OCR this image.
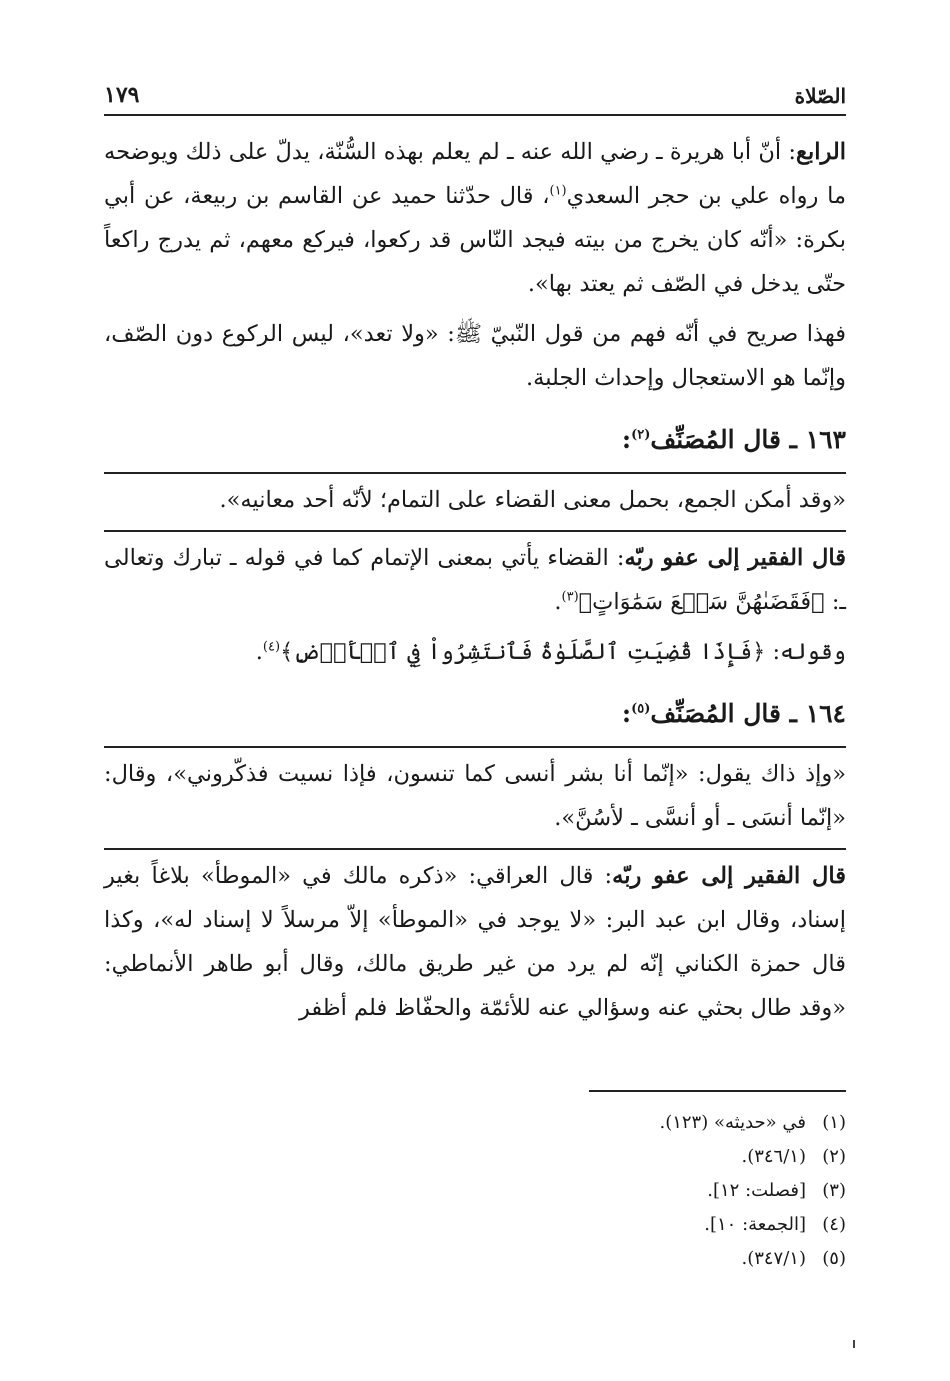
الصّلاة
١٧٩

الرابع: أنّ أبا هريرة ـ رضي الله عنه ـ لم يعلم بهذه السُّنّة، يدلّ على ذلك ويوضحه ما رواه علي بن حجر السعدي$^{(١)}$، قال حدّثنا حميد عن القاسم بن ربيعة، عن أبي بكرة: «أنّه كان يخرج من بيته فيجد النّاس قد ركعوا، فيركع معهم، ثم يدرج راكعاً حتّى يدخل في الصّف ثم يعتد بها».

فهذا صريح في أنّه فهم من قول النّبيّ ﷺ: «ولا تعد»، ليس الركوع دون الصّف، وإنّما هو الاستعجال وإحداث الجلبة.

١٦٣ ـ قال المُصَنِّف$^{(٢)}$:

«وقد أمكن الجمع، بحمل معنى القضاء على التمام؛ لأنّه أحد معانيه».

قال الفقير إلى عفو ربّه: القضاء يأتي بمعنى الإتمام كما في قوله ـ تبارك وتعالى ـ: ﴿فَقَضَىٰهُنَّ سَبۡعَ سَمَٰوَاتٍ﴾$^{(٣)}$.

وقوله: ﴿فَإِذَا قُضِيَتِ ٱلصَّلَوٰةُ فَٱنتَشِرُواْ فِي ٱلۡأَرۡضِ﴾$^{(٤)}$.

١٦٤ ـ قال المُصَنِّف$^{(٥)}$:

«وإذ ذاك يقول: «إنّما أنا بشر أنسى كما تنسون، فإذا نسيت فذكّروني»، وقال: «إنّما أنسَى ـ أو أنسَّى ـ لأسُنَّ».

قال الفقير إلى عفو ربّه: قال العراقي: «ذكره مالك في «الموطأ» بلاغاً بغير إسناد، وقال ابن عبد البر: «لا يوجد في «الموطأ» إلاّ مرسلاً لا إسناد له»، وكذا قال حمزة الكناني إنّه لم يرد من غير طريق مالك، وقال أبو طاهر الأنماطي: «وقد طال بحثي عنه وسؤالي عنه للأئمّة والحفّاظ فلم أظفر

(١)
في «حديثه» (١٢٣).
(٢)
(٣٤٦/١).
(٣)
[فصلت: ١٢].
(٤)
[الجمعة: ١٠].
(٥)
(٣٤٧/١).
